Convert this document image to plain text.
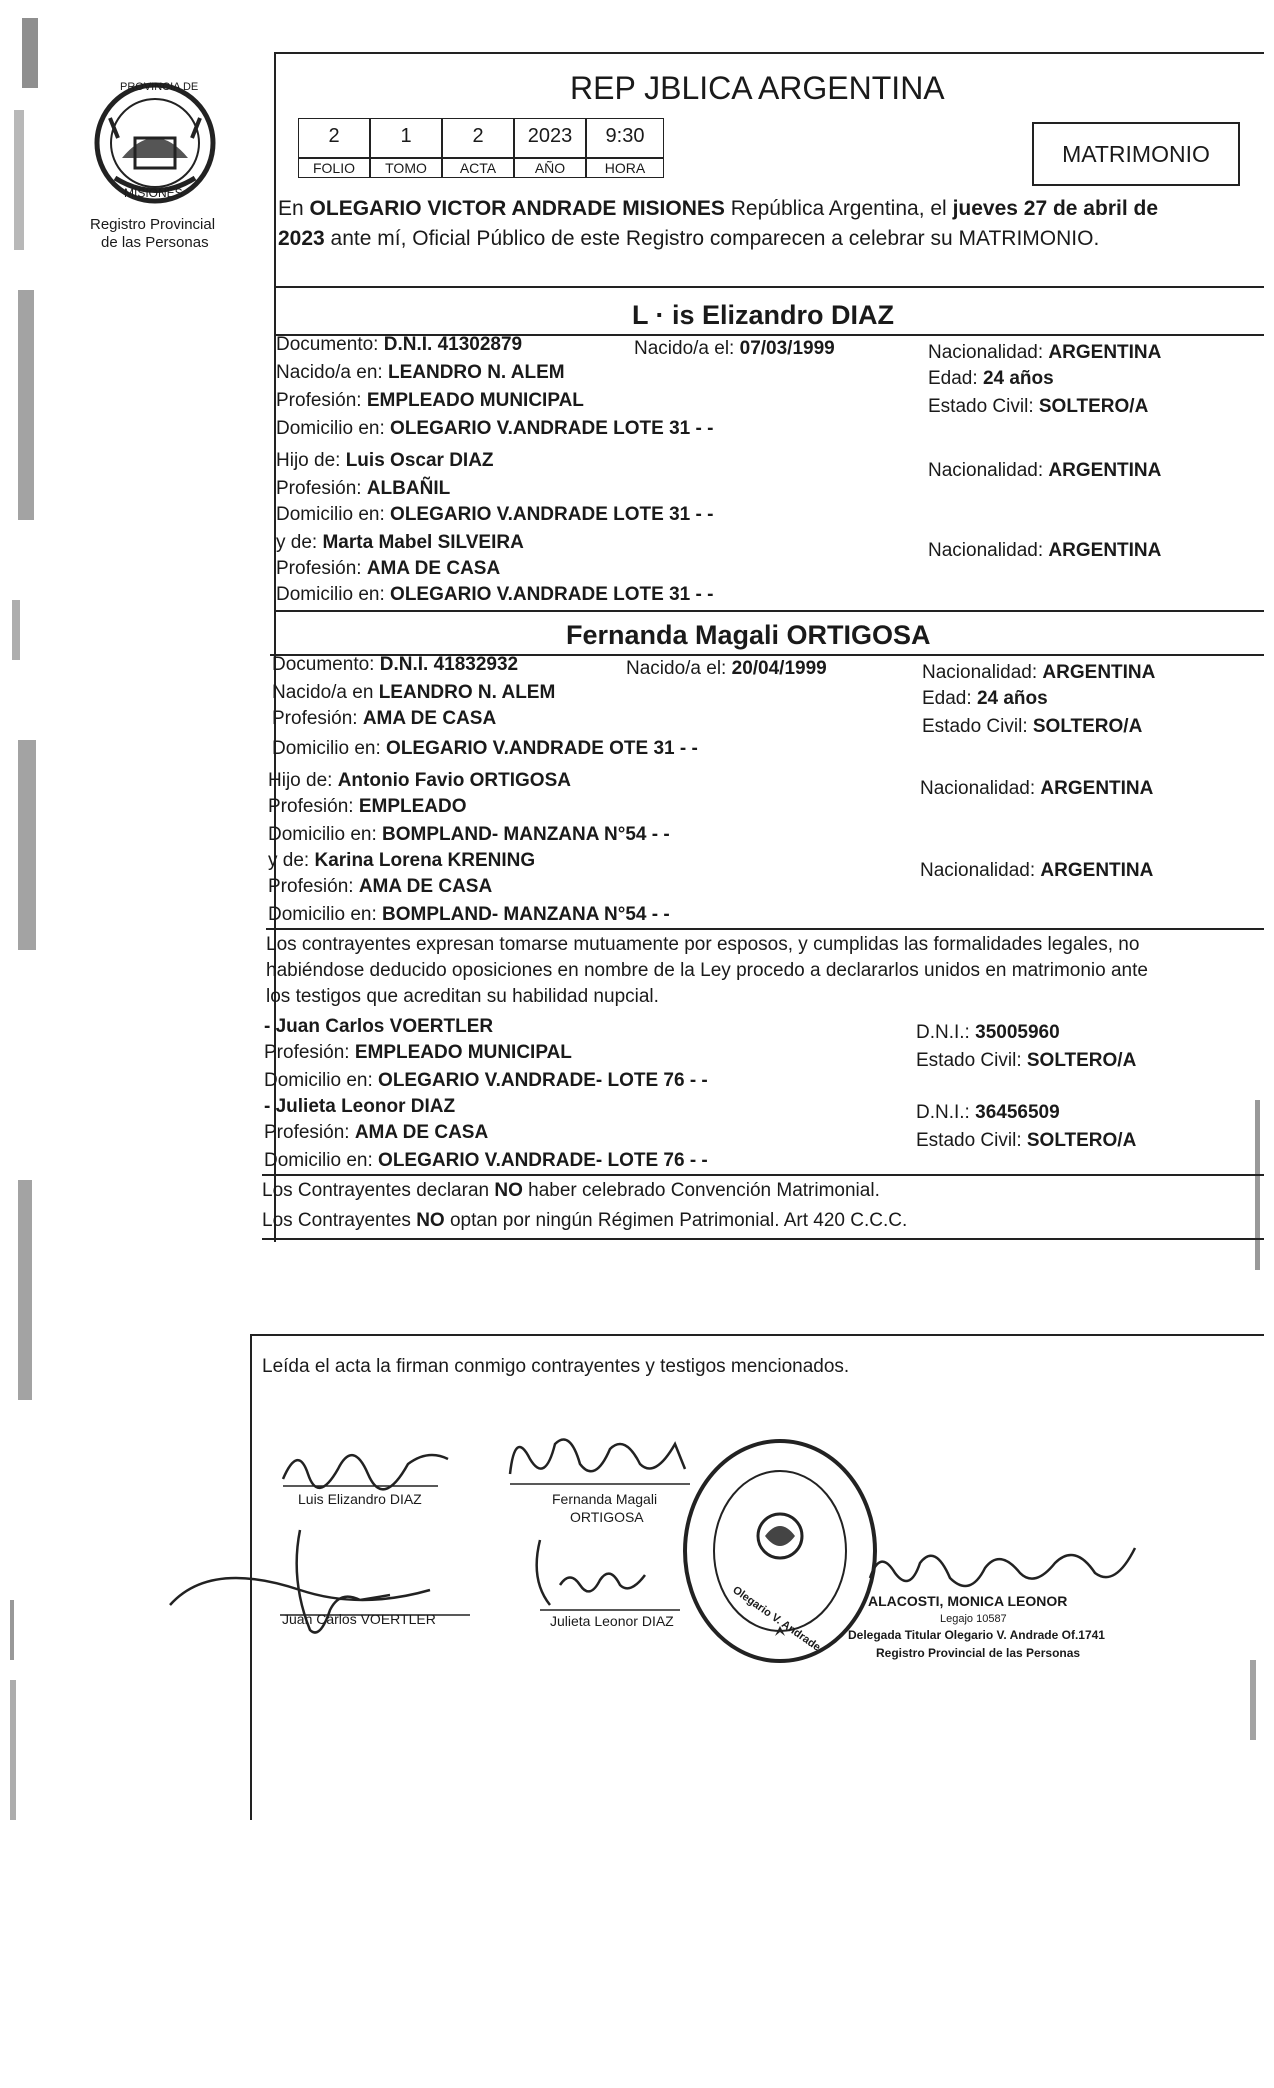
PROVINCIA DE
MISIONES
Registro Provincial
de las Personas
REP JBLICA ARGENTINA
2	1	2	2023	9:30
FOLIO	TOMO	ACTA	AÑO	HORA
MATRIMONIO
En OLEGARIO VICTOR ANDRADE MISIONES República Argentina, el jueves 27 de abril de
2023 ante mí, Oficial Público de este Registro comparecen a celebrar su MATRIMONIO.
L · is Elizandro DIAZ
Documento: D.N.I. 41302879	Nacido/a el: 07/03/1999	Nacionalidad: ARGENTINA
Nacido/a en: LEANDRO N. ALEM	Edad: 24 años
Profesión: EMPLEADO MUNICIPAL	Estado Civil: SOLTERO/A
Domicilio en: OLEGARIO V.ANDRADE LOTE 31 - -
Hijo de: Luis Oscar DIAZ	Nacionalidad: ARGENTINA
Profesión: ALBAÑIL
Domicilio en: OLEGARIO V.ANDRADE LOTE 31 - -
y de: Marta Mabel SILVEIRA	Nacionalidad: ARGENTINA
Profesión: AMA DE CASA
Domicilio en: OLEGARIO V.ANDRADE LOTE 31 - -
Fernanda Magali ORTIGOSA
Documento: D.N.I. 41832932	Nacido/a el: 20/04/1999	Nacionalidad: ARGENTINA
Nacido/a en LEANDRO N. ALEM	Edad: 24 años
Profesión: AMA DE CASA	Estado Civil: SOLTERO/A
Domicilio en: OLEGARIO V.ANDRADE OTE 31 - -
Hijo de: Antonio Favio ORTIGOSA	Nacionalidad: ARGENTINA
Profesión: EMPLEADO
Domicilio en: BOMPLAND- MANZANA N°54 - -
y de: Karina Lorena KRENING	Nacionalidad: ARGENTINA
Profesión: AMA DE CASA
Domicilio en: BOMPLAND- MANZANA N°54 - -
Los contrayentes expresan tomarse mutuamente por esposos, y cumplidas las formalidades legales, no
habiéndose deducido oposiciones en nombre de la Ley procedo a declararlos unidos en matrimonio ante
los testigos que acreditan su habilidad nupcial.
- Juan Carlos VOERTLER	D.N.I.: 35005960
Profesión: EMPLEADO MUNICIPAL	Estado Civil: SOLTERO/A
Domicilio en: OLEGARIO V.ANDRADE- LOTE 76 - -
- Julieta Leonor DIAZ	D.N.I.: 36456509
Profesión: AMA DE CASA	Estado Civil: SOLTERO/A
Domicilio en: OLEGARIO V.ANDRADE- LOTE 76 - -
Los Contrayentes declaran NO haber celebrado Convención Matrimonial.
Los Contrayentes NO optan por ningún Régimen Patrimonial. Art 420 C.C.C.
Leída el acta la firman conmigo contrayentes y testigos mencionados.
Luis Elizandro DIAZ	Fernanda Magali
ORTIGOSA
Juan Carlos VOERTLER	Julieta Leonor DIAZ	Olegario V. Andrade	ALACOSTI, MONICA LEONOR
Legajo 10587
Delegada Titular Olegario V. Andrade Of.1741
Registro Provincial de las Personas
